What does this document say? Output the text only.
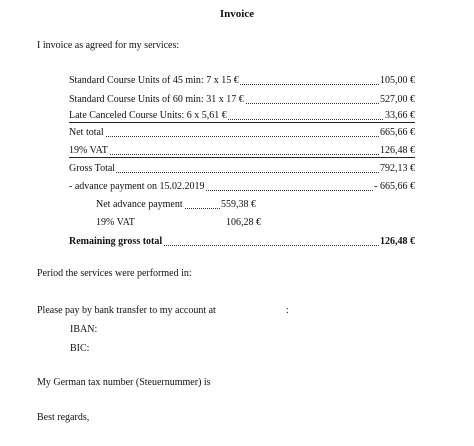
Invoice
I invoice as agreed for my services:
Standard Course Units of 45 min: 7 x 15 €	105,00 €
Standard Course Units of 60 min: 31 x 17 €	527,00 €
Late Canceled Course Units: 6 x 5,61 €	33,66 €
Net total	665,66 €
19% VAT	126,48 €
Gross Total	792,13 €
- advance payment on 15.02.2019	- 665,66 €
Net advance payment	559,38 €
19% VAT	106,28 €
Remaining gross total	126,48 €
Period the services were performed in:
Please pay by bank transfer to my account at	:
IBAN:
BIC:
My German tax number (Steuernummer) is
Best regards,
